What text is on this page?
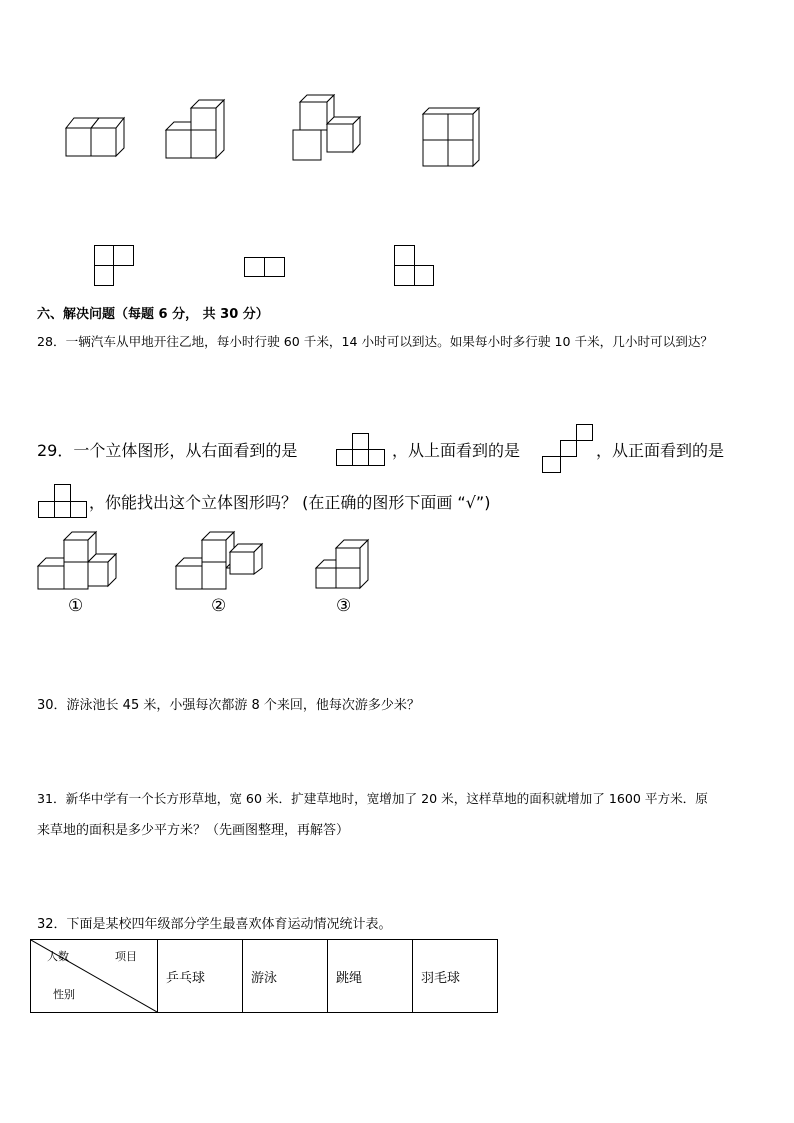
六、解决问题（每题 6 分， 共 30 分）
28．一辆汽车从甲地开往乙地，每小时行驶 60 千米，14 小时可以到达。如果每小时多行驶 10 千米，几小时可以到达？
29．一个立体图形，从右面看到的是	，从上面看到的是	，从正面看到的是
，你能找出这个立体图形吗？ (在正确的图形下面画 “√”)
①	②	③
30．游泳池长 45 米，小强每次都游 8 个来回，他每次游多少米？
31．新华中学有一个长方形草地，宽 60 米．扩建草地时，宽增加了 20 米，这样草地的面积就增加了 1600 平方米．原
来草地的面积是多少平方米？（先画图整理，再解答）
32．下面是某校四年级部分学生最喜欢体育运动情况统计表。
人数	项目
性别
	乒乓球	游泳	跳绳	羽毛球
